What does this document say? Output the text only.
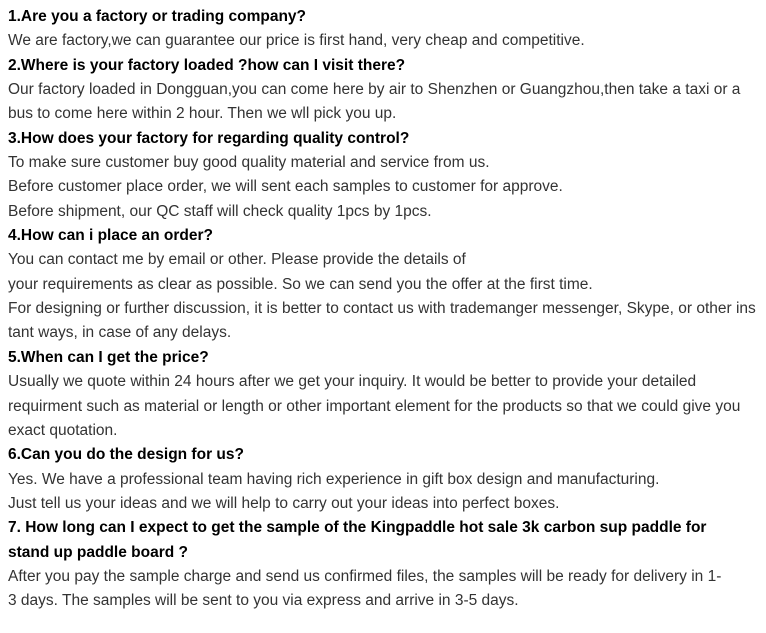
1.Are you a factory or trading company?
We are factory,we can guarantee our price is first hand, very cheap and competitive.
2.Where is your factory loaded ?how can I visit there?
Our factory loaded in Dongguan,you can come here by air to Shenzhen or Guangzhou,then take a taxi or a
bus to come here within 2 hour. Then we wll pick you up.
3.How does your factory for regarding quality control?
To make sure customer buy good quality material and service from us.
Before customer place order, we will sent each samples to customer for approve.
Before shipment, our QC staff will check quality 1pcs by 1pcs.
4.How can i place an order?
You can contact me by email or other. Please provide the details of
your requirements as clear as possible. So we can send you the offer at the first time.
For designing or further discussion, it is better to contact us with trademanger messenger, Skype, or other ins
tant ways, in case of any delays.
5.When can I get the price?
Usually we quote within 24 hours after we get your inquiry. It would be better to provide your detailed
requirment such as material or length or other important element for the products so that we could give you
exact quotation.
6.Can you do the design for us?
Yes. We have a professional team having rich experience in gift box design and manufacturing.
Just tell us your ideas and we will help to carry out your ideas into perfect boxes.
7. How long can I expect to get the sample of the Kingpaddle hot sale 3k carbon sup paddle for
stand up paddle board ?
After you pay the sample charge and send us confirmed files, the samples will be ready for delivery in 1-
3 days. The samples will be sent to you via express and arrive in 3-5 days.
